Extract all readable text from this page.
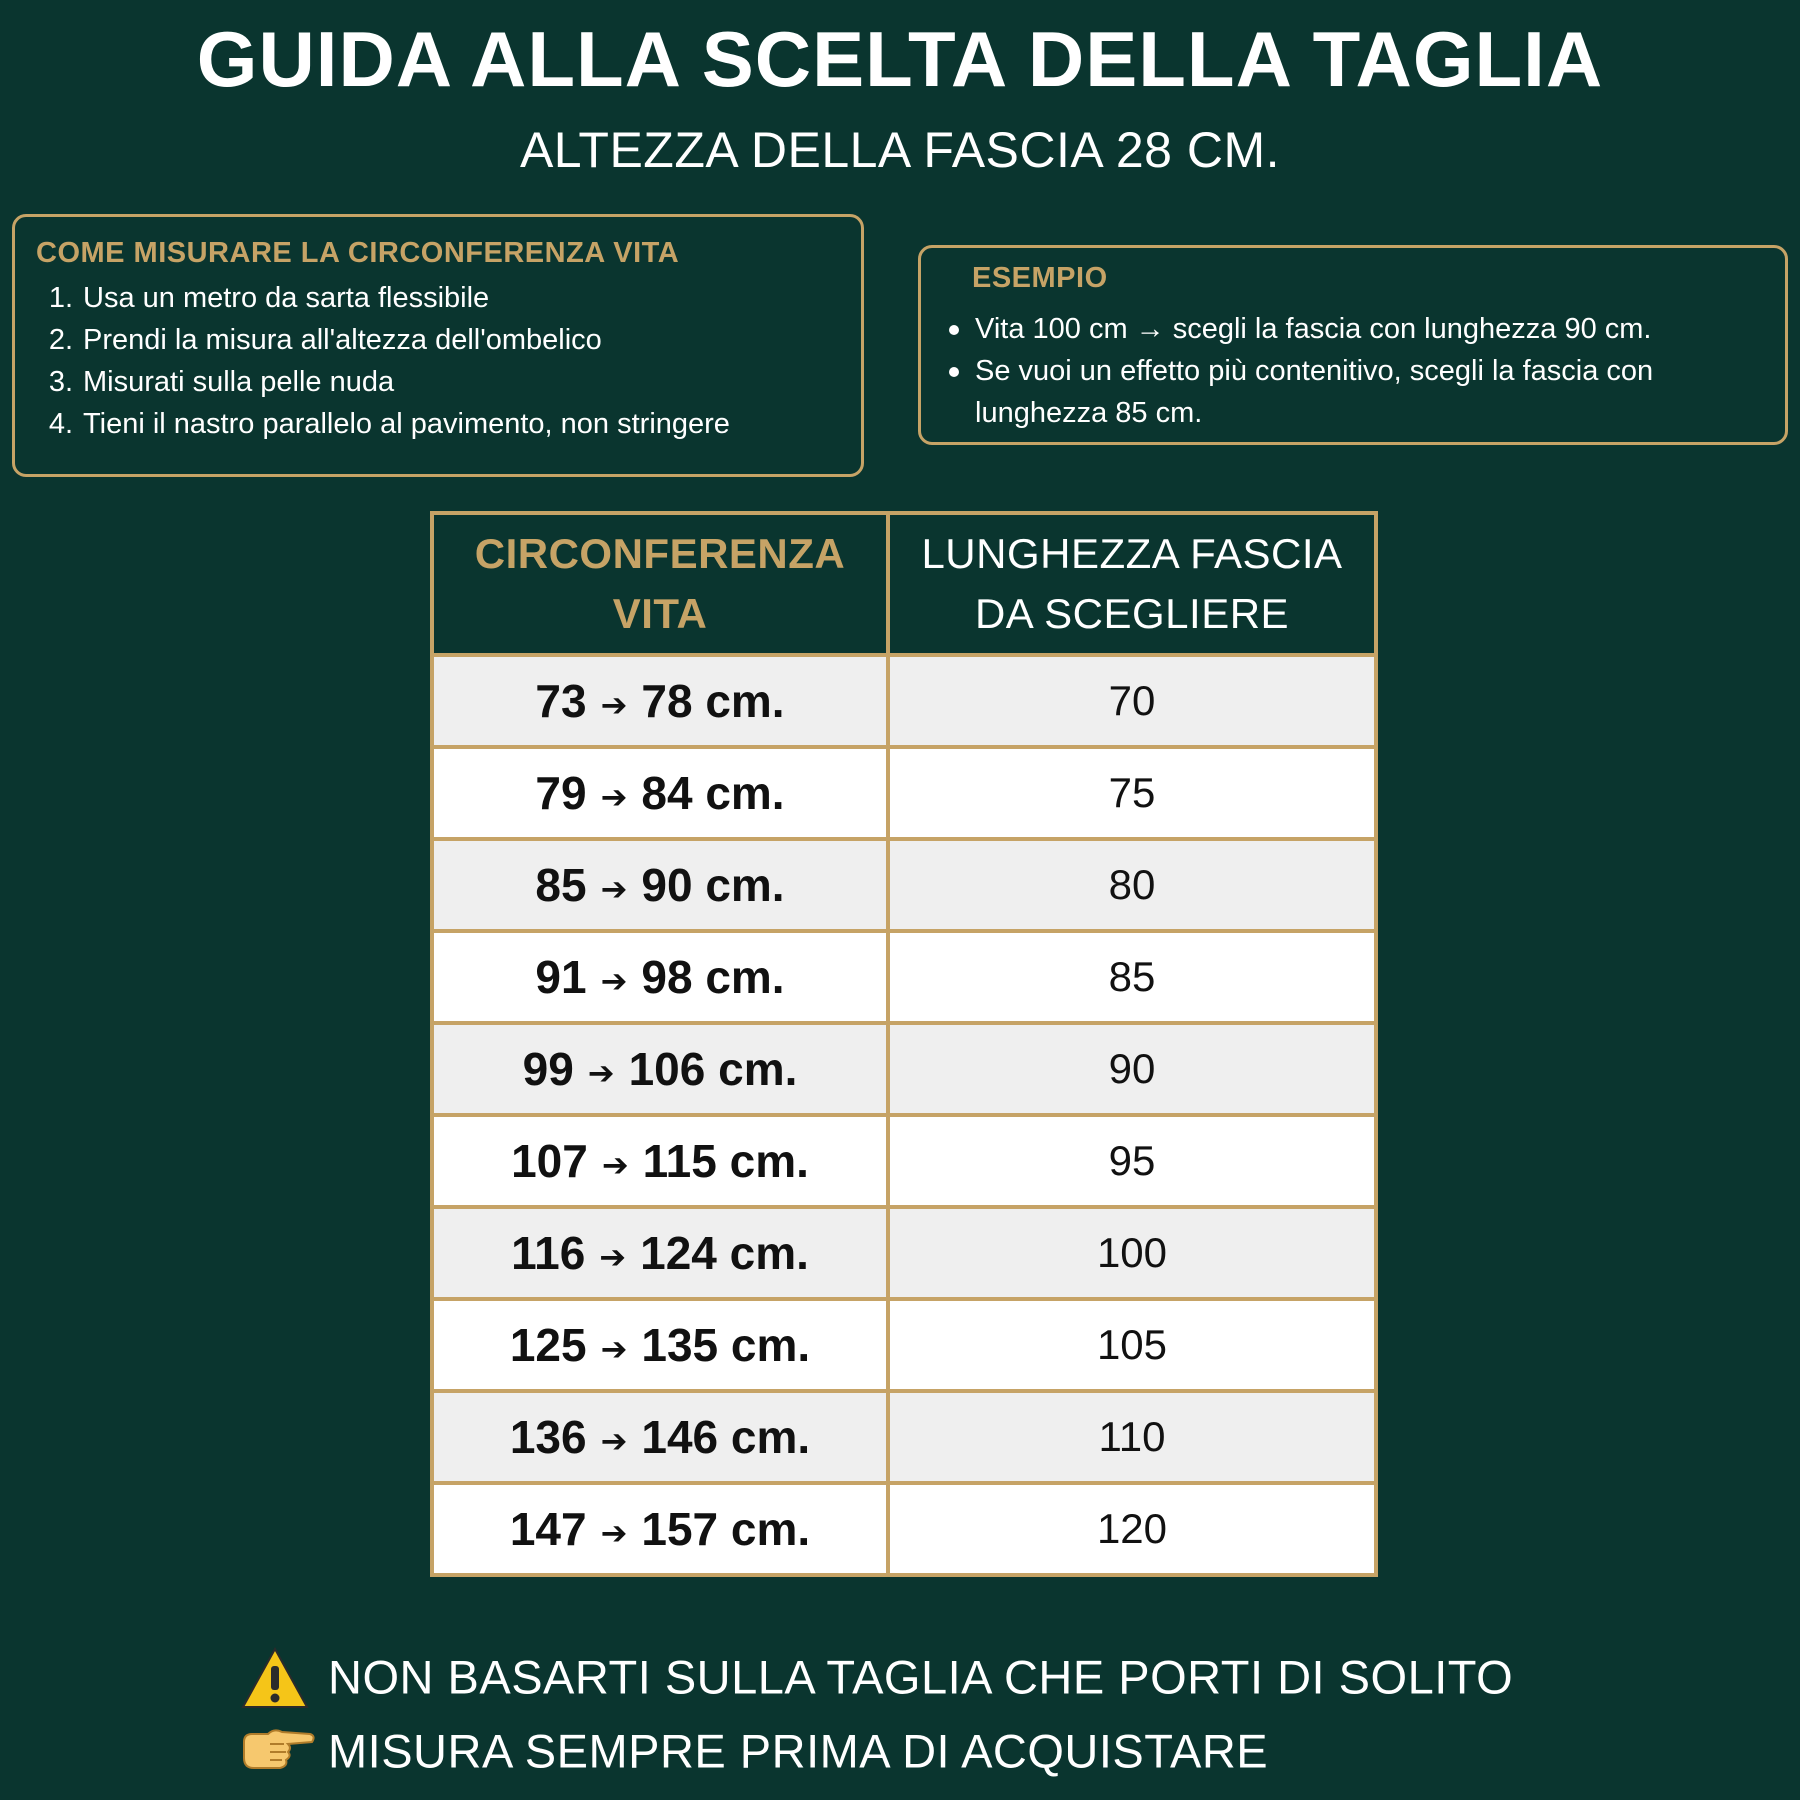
GUIDA ALLA SCELTA DELLA TAGLIA
ALTEZZA DELLA FASCIA 28 CM.
COME MISURARE LA CIRCONFERENZA VITA
1. Usa un metro da sarta flessibile
2. Prendi la misura all'altezza dell'ombelico
3. Misurati sulla pelle nuda
4. Tieni il nastro parallelo al pavimento, non stringere
ESEMPIO
Vita 100 cm → scegli la fascia con lunghezza 90 cm.
Se vuoi un effetto più contenitivo, scegli la fascia con lunghezza 85 cm.
CIRCONFERENZA VITA	LUNGHEZZA FASCIA DA SCEGLIERE
73 ➔ 78 cm.	70
79 ➔ 84 cm.	75
85 ➔ 90 cm.	80
91 ➔ 98 cm.	85
99 ➔ 106 cm.	90
107 ➔ 115 cm.	95
116 ➔ 124 cm.	100
125 ➔ 135 cm.	105
136 ➔ 146 cm.	110
147 ➔ 157 cm.	120
NON BASARTI SULLA TAGLIA CHE PORTI DI SOLITO
MISURA SEMPRE PRIMA DI ACQUISTARE
